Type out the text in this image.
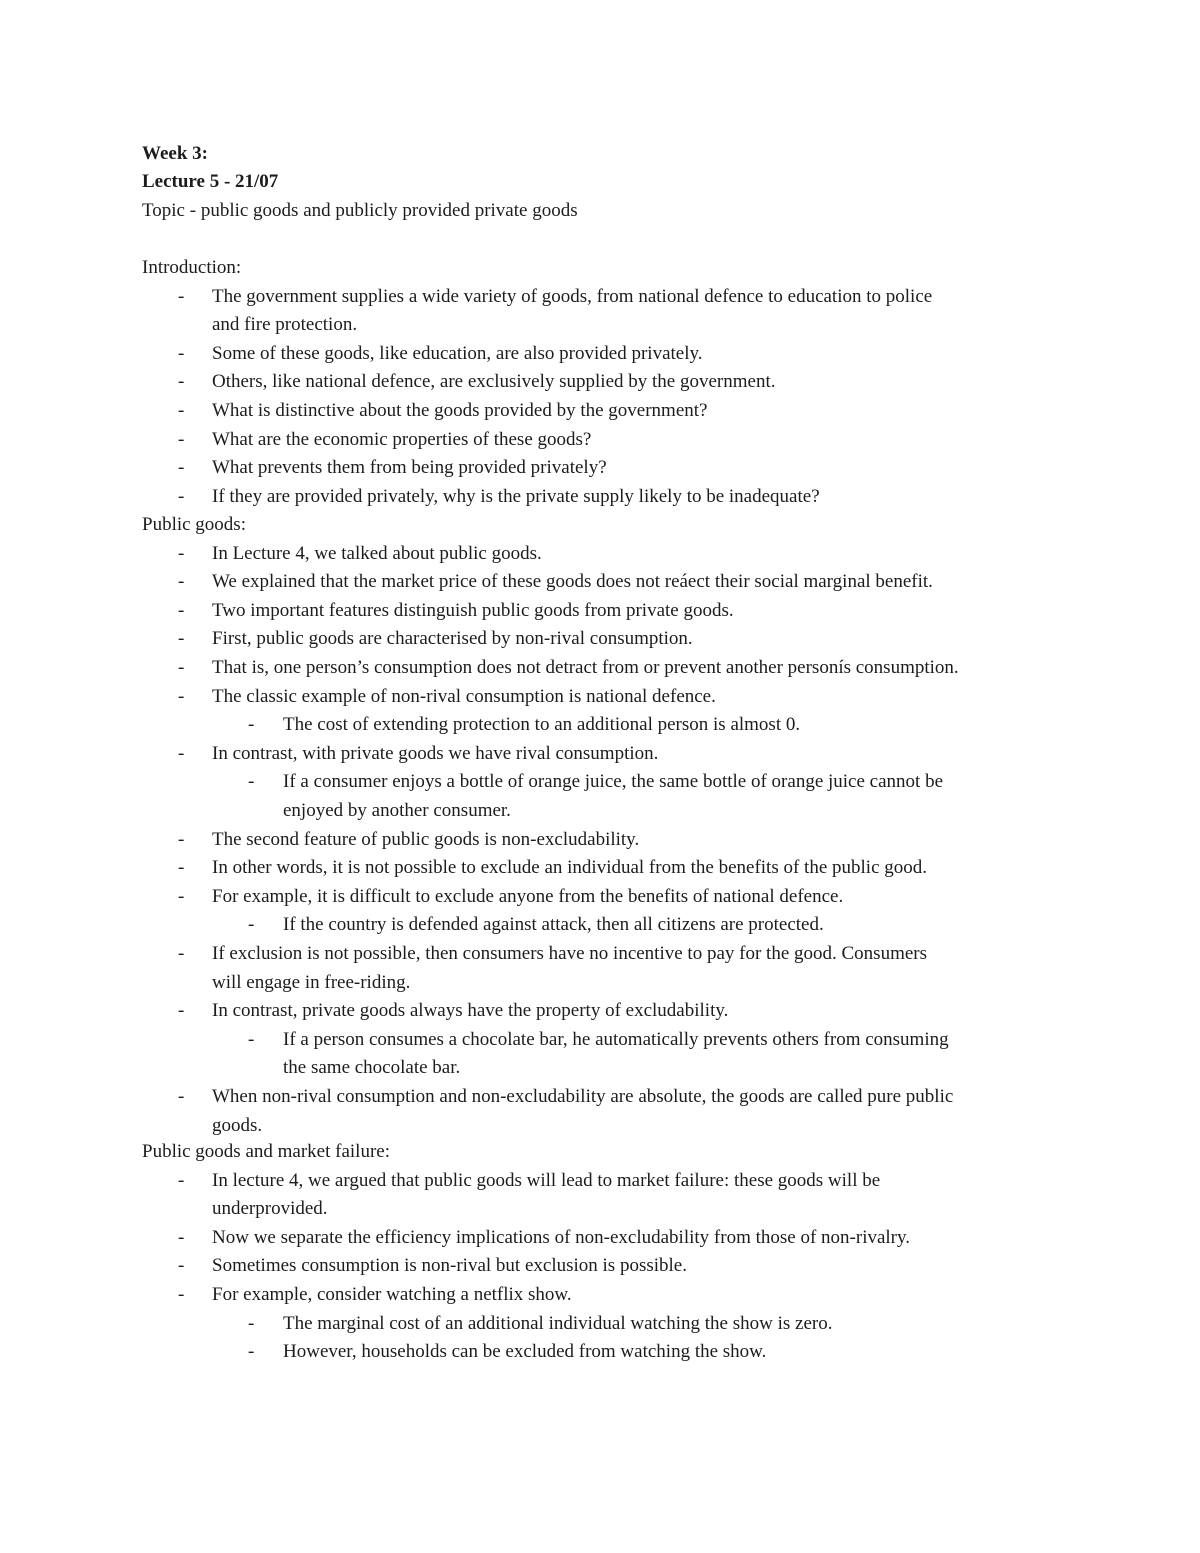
Week 3:
Lecture 5 - 21/07
Topic - public goods and publicly provided private goods
Introduction:
- The government supplies a wide variety of goods, from national defence to education to police
and fire protection.
- Some of these goods, like education, are also provided privately.
- Others, like national defence, are exclusively supplied by the government.
- What is distinctive about the goods provided by the government?
- What are the economic properties of these goods?
- What prevents them from being provided privately?
- If they are provided privately, why is the private supply likely to be inadequate?
Public goods:
- In Lecture 4, we talked about public goods.
- We explained that the market price of these goods does not reáect their social marginal benefit.
- Two important features distinguish public goods from private goods.
- First, public goods are characterised by non-rival consumption.
- That is, one person’s consumption does not detract from or prevent another personís consumption.
- The classic example of non-rival consumption is national defence.
- The cost of extending protection to an additional person is almost 0.
- In contrast, with private goods we have rival consumption.
- If a consumer enjoys a bottle of orange juice, the same bottle of orange juice cannot be
enjoyed by another consumer.
- The second feature of public goods is non-excludability.
- In other words, it is not possible to exclude an individual from the benefits of the public good.
- For example, it is difficult to exclude anyone from the benefits of national defence.
- If the country is defended against attack, then all citizens are protected.
- If exclusion is not possible, then consumers have no incentive to pay for the good. Consumers
will engage in free-riding.
- In contrast, private goods always have the property of excludability.
- If a person consumes a chocolate bar, he automatically prevents others from consuming
the same chocolate bar.
- When non-rival consumption and non-excludability are absolute, the goods are called pure public
goods.
Public goods and market failure:
- In lecture 4, we argued that public goods will lead to market failure: these goods will be
underprovided.
- Now we separate the efficiency implications of non-excludability from those of non-rivalry.
- Sometimes consumption is non-rival but exclusion is possible.
- For example, consider watching a netflix show.
- The marginal cost of an additional individual watching the show is zero.
- However, households can be excluded from watching the show.
